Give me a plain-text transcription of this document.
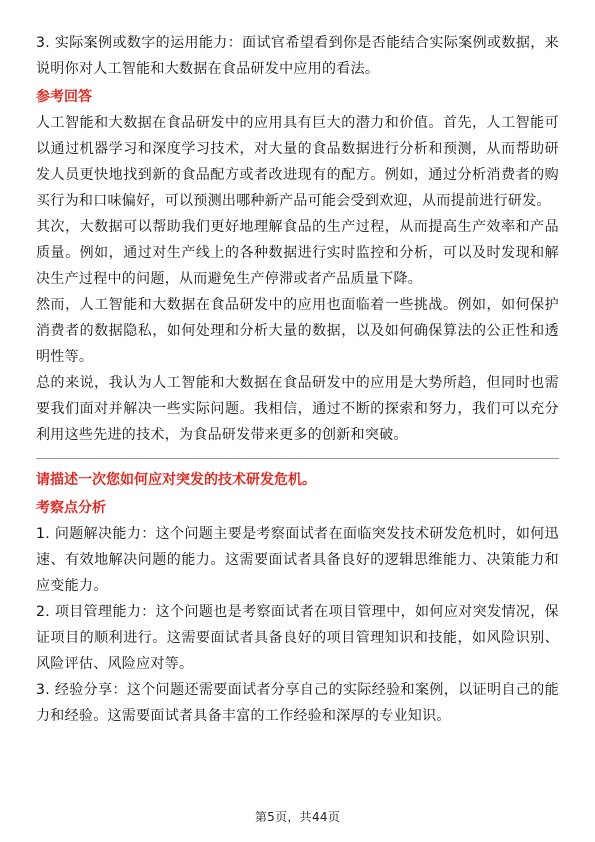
3. 实际案例或数字的运用能力：面试官希望看到你是否能结合实际案例或数据，来说明你对人工智能和大数据在食品研发中应用的看法。

参考回答

人工智能和大数据在食品研发中的应用具有巨大的潜力和价值。首先，人工智能可以通过机器学习和深度学习技术，对大量的食品数据进行分析和预测，从而帮助研发人员更快地找到新的食品配方或者改进现有的配方。例如，通过分析消费者的购买行为和口味偏好，可以预测出哪种新产品可能会受到欢迎，从而提前进行研发。

其次，大数据可以帮助我们更好地理解食品的生产过程，从而提高生产效率和产品质量。例如，通过对生产线上的各种数据进行实时监控和分析，可以及时发现和解决生产过程中的问题，从而避免生产停滞或者产品质量下降。

然而，人工智能和大数据在食品研发中的应用也面临着一些挑战。例如，如何保护消费者的数据隐私，如何处理和分析大量的数据，以及如何确保算法的公正性和透明性等。

总的来说，我认为人工智能和大数据在食品研发中的应用是大势所趋，但同时也需要我们面对并解决一些实际问题。我相信，通过不断的探索和努力，我们可以充分利用这些先进的技术，为食品研发带来更多的创新和突破。

请描述一次您如何应对突发的技术研发危机。

考察点分析

1. 问题解决能力：这个问题主要是考察面试者在面临突发技术研发危机时，如何迅速、有效地解决问题的能力。这需要面试者具备良好的逻辑思维能力、决策能力和应变能力。

2. 项目管理能力：这个问题也是考察面试者在项目管理中，如何应对突发情况，保证项目的顺利进行。这需要面试者具备良好的项目管理知识和技能，如风险识别、风险评估、风险应对等。

3. 经验分享：这个问题还需要面试者分享自己的实际经验和案例，以证明自己的能力和经验。这需要面试者具备丰富的工作经验和深厚的专业知识。

第5页，共44页
